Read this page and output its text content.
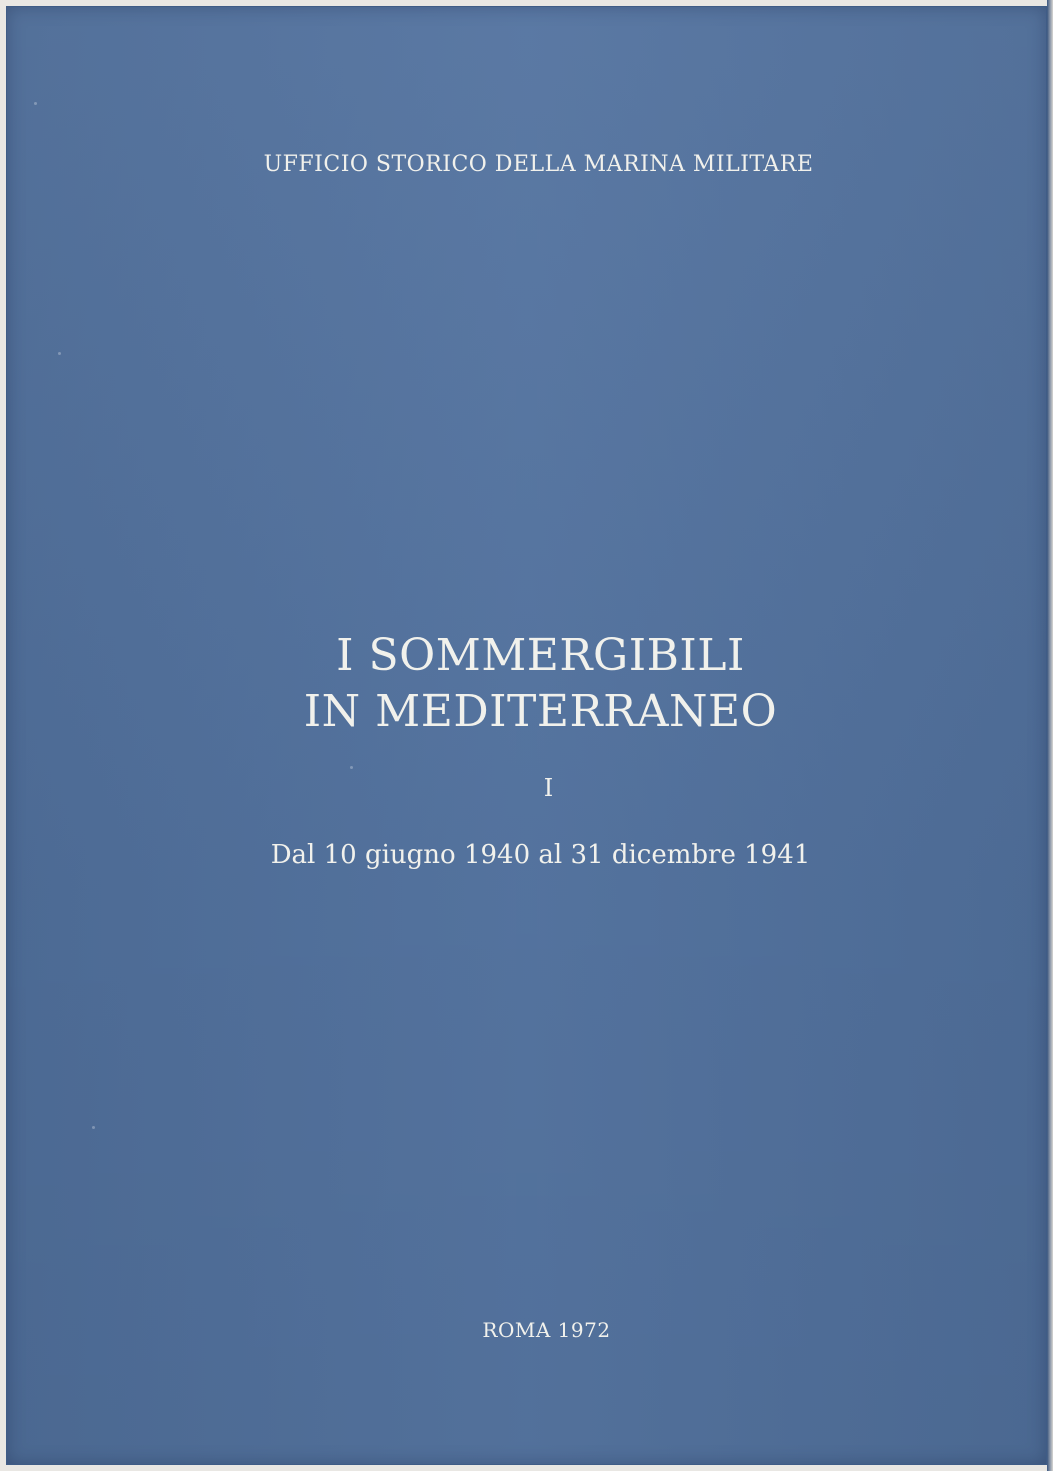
UFFICIO STORICO DELLA MARINA MILITARE
I SOMMERGIBILI
IN MEDITERRANEO
I
Dal 10 giugno 1940 al 31 dicembre 1941
ROMA 1972
